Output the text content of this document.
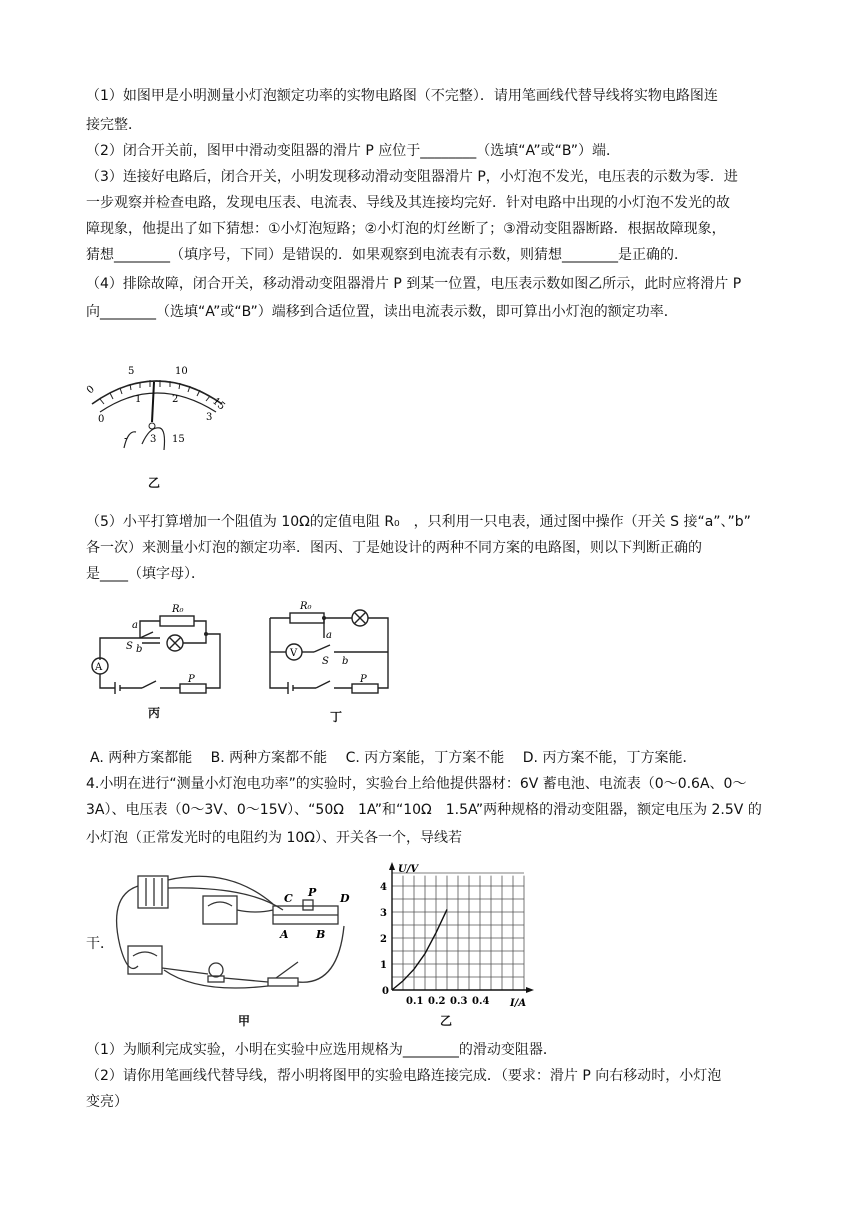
（1）如图甲是小明测量小灯泡额定功率的实物电路图（不完整）．请用笔画线代替导线将实物电路图连
接完整．
（2）闭合开关前，图甲中滑动变阻器的滑片 P 应位于________（选填“A”或“B”）端．
（3）连接好电路后，闭合开关，小明发现移动滑动变阻器滑片 P，小灯泡不发光，电压表的示数为零．进
一步观察并检查电路，发现电压表、电流表、导线及其连接均完好．针对电路中出现的小灯泡不发光的故
障现象，他提出了如下猜想：①小灯泡短路；②小灯泡的灯丝断了；③滑动变阻器断路．根据故障现象，
猜想________（填序号，下同）是错误的．如果观察到电流表有示数，则猜想________是正确的．
（4）排除故障，闭合开关，移动滑动变阻器滑片 P 到某一位置，电压表示数如图乙所示，此时应将滑片 P
向________（选填“A”或“B”）端移到合适位置，读出电流表示数，即可算出小灯泡的额定功率．
0
5	10
15
0
1	2
3
- 3 15
乙
（5）小平打算增加一个阻值为 10Ω的定值电阻 R₀　，只利用一只电表，通过图中操作（开关 S 接“a”、”b”
各一次）来测量小灯泡的额定功率．图丙、丁是她设计的两种不同方案的电路图，则以下判断正确的
是____（填字母）．
R₀
a
S b
A
P
丙
R₀
a
S b
V
P
丁
A. 两种方案都能　 B. 两种方案都不能　 C. 丙方案能，丁方案不能　 D. 丙方案不能，丁方案能．
4.小明在进行“测量小灯泡电功率”的实验时，实验台上给他提供器材：6V 蓄电池、电流表（0～0.6A、0～
3A）、电压表（0～3V、0～15V）、“50Ω　1A”和“10Ω　1.5A”两种规格的滑动变阻器，额定电压为 2.5V 的
小灯泡（正常发光时的电阻约为 10Ω）、开关各一个，导线若
C P D
A B
干．
甲
U/V
I/A
0
1
2
3
4
0.1 0.2 0.3 0.4
乙
（1）为顺利完成实验，小明在实验中应选用规格为________的滑动变阻器．
（2）请你用笔画线代替导线，帮小明将图甲的实验电路连接完成．（要求：滑片 P 向右移动时，小灯泡
变亮）
